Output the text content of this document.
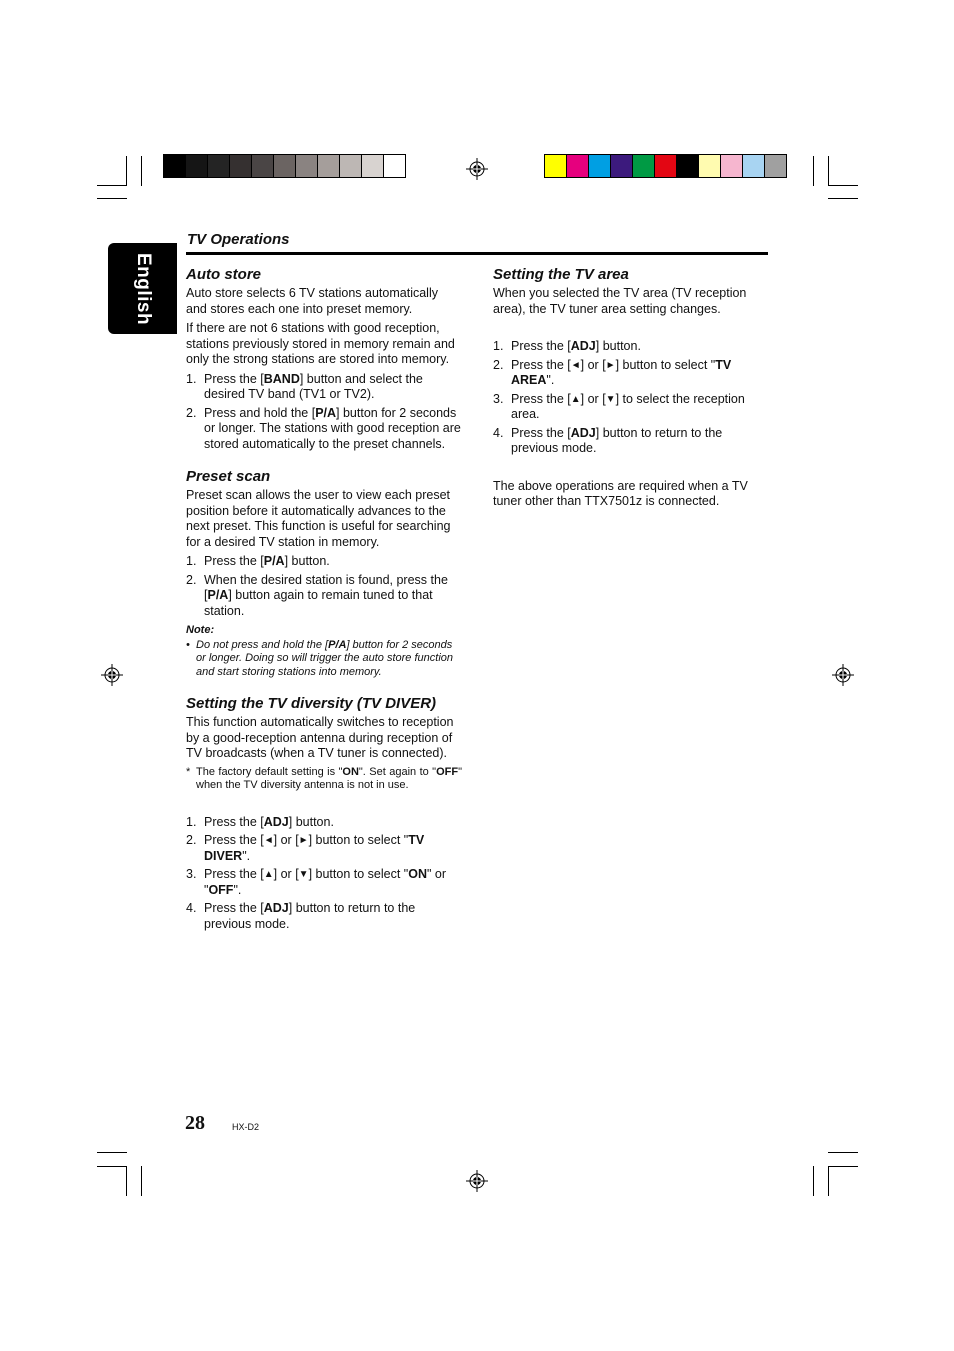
English
TV Operations
Auto store
Auto store selects 6 TV stations automatically and stores each one into preset memory.
If there are not 6 stations with good reception, stations previously stored in memory remain and only the strong stations are stored into memory.
1. Press the [BAND] button and select the desired TV band (TV1 or TV2).
2. Press and hold the [P/A] button for 2 seconds or longer. The stations with good reception are stored automatically to the preset channels.
Preset scan
Preset scan allows the user to view each preset position before it automatically advances to the next preset. This function is useful for searching for a desired TV station in memory.
1. Press the [P/A] button.
2. When the desired station is found, press the [P/A] button again to remain tuned to that station.
Note:
• Do not press and hold the [P/A] button for 2 seconds or longer. Doing so will trigger the auto store function and start storing stations into memory.
Setting the TV diversity (TV DIVER)
This function automatically switches to reception by a good-reception antenna during reception of TV broadcasts (when a TV tuner is connected).
* The factory default setting is "ON". Set again to "OFF" when the TV diversity antenna is not in use.
1. Press the [ADJ] button.
2. Press the [◄] or [►] button to select "TV DIVER".
3. Press the [▲] or [▼] button to select "ON" or "OFF".
4. Press the [ADJ] button to return to the previous mode.
Setting the TV area
When you selected the TV area (TV reception area), the TV tuner area setting changes.
1. Press the [ADJ] button.
2. Press the [◄] or [►] button to select "TV AREA".
3. Press the [▲] or [▼] to select the reception area.
4. Press the [ADJ] button to return to the previous mode.
The above operations are required when a TV tuner other than TTX7501z is connected.
28	HX-D2
